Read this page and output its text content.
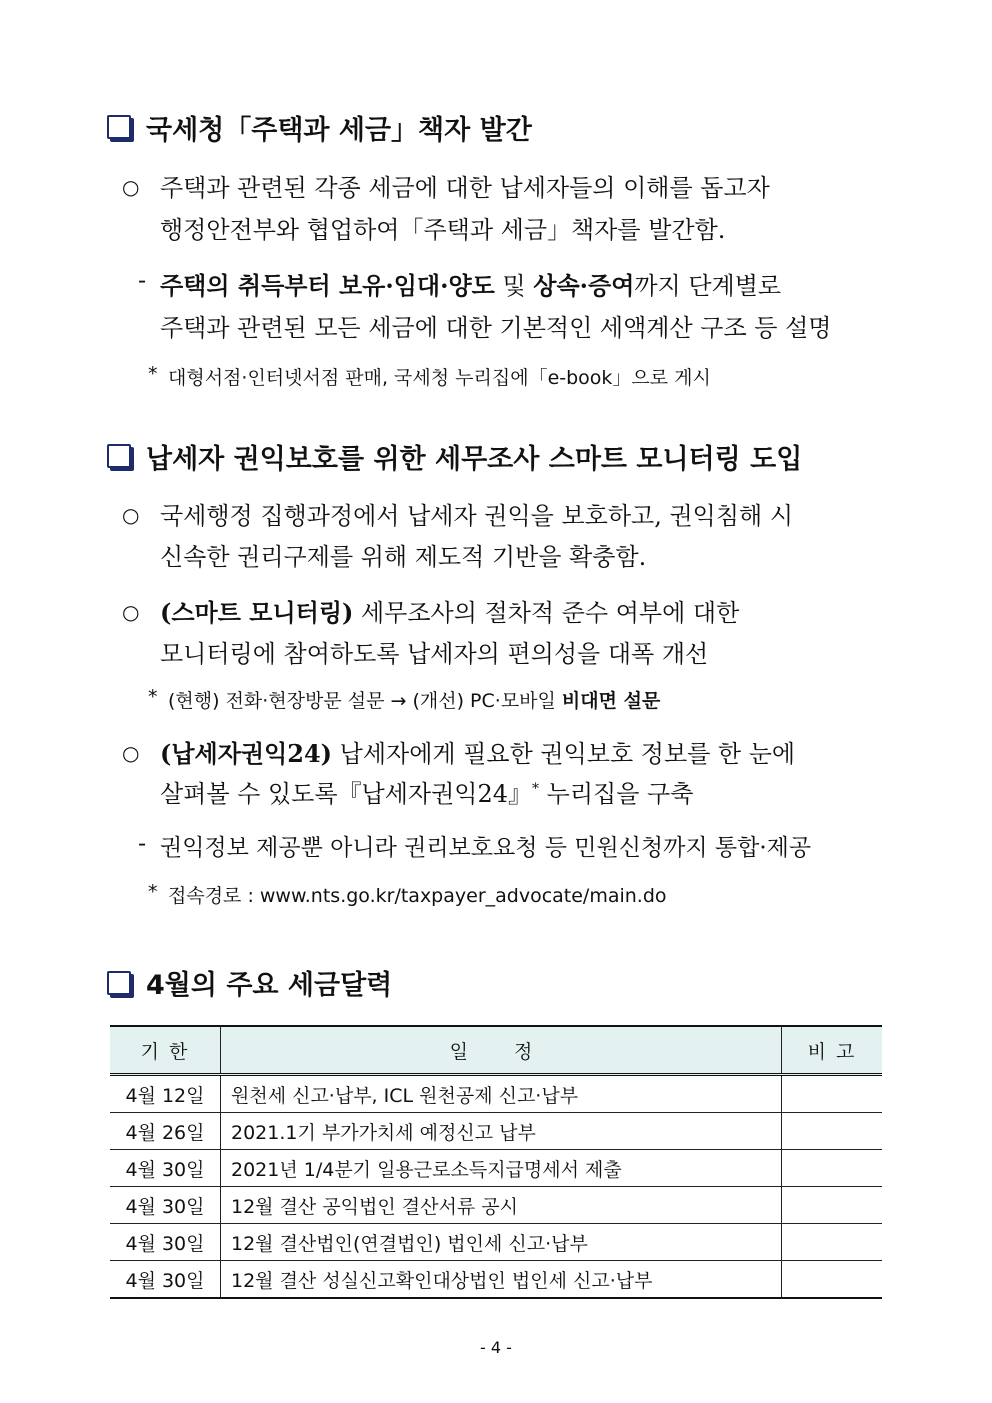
국세청「주택과 세금」책자 발간
○ 주택과 관련된 각종 세금에 대한 납세자들의 이해를 돕고자
행정안전부와 협업하여「주택과 세금」책자를 발간함.
- 주택의 취득부터 보유·임대·양도 및 상속·증여까지 단계별로
주택과 관련된 모든 세금에 대한 기본적인 세액계산 구조 등 설명
* 대형서점·인터넷서점 판매, 국세청 누리집에「e-book」으로 게시
납세자 권익보호를 위한 세무조사 스마트 모니터링 도입
○ 국세행정 집행과정에서 납세자 권익을 보호하고, 권익침해 시
신속한 권리구제를 위해 제도적 기반을 확충함.
○ (스마트 모니터링) 세무조사의 절차적 준수 여부에 대한
모니터링에 참여하도록 납세자의 편의성을 대폭 개선
* (현행) 전화·현장방문 설문 → (개선) PC·모바일 비대면 설문
○ (납세자권익24) 납세자에게 필요한 권익보호 정보를 한 눈에
살펴볼 수 있도록『납세자권익24』* 누리집을 구축
- 권익정보 제공뿐 아니라 권리보호요청 등 민원신청까지 통합·제공
* 접속경로 : www.nts.go.kr/taxpayer_advocate/main.do
4월의 주요 세금달력
기 한	일 정	비 고
4월 12일	원천세 신고·납부, ICL 원천공제 신고·납부	
4월 26일	2021.1기 부가가치세 예정신고 납부	
4월 30일	2021년 1/4분기 일용근로소득지급명세서 제출	
4월 30일	12월 결산 공익법인 결산서류 공시	
4월 30일	12월 결산법인(연결법인) 법인세 신고·납부	
4월 30일	12월 결산 성실신고확인대상법인 법인세 신고·납부	
- 4 -
